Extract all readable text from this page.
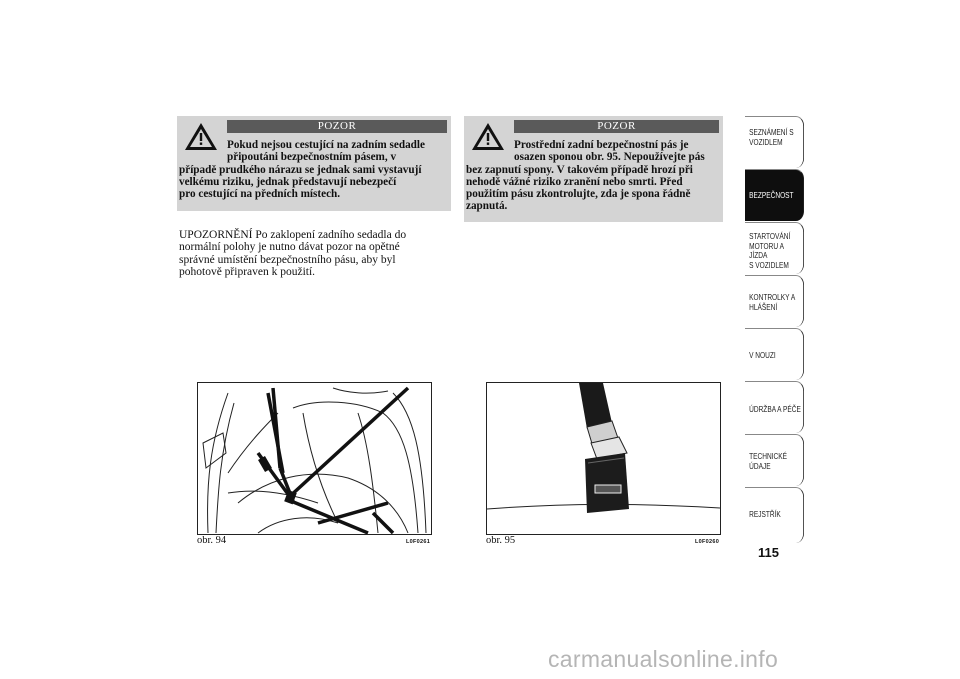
POZOR
Pokud nejsou cestující na zadním sedadle
připoutáni bezpečnostním pásem, v
případě prudkého nárazu se jednak sami vystavují
velkému riziku, jednak představují nebezpečí
pro cestující na předních místech.
POZOR
Prostřední zadní bezpečnostní pás je
osazen sponou obr. 95. Nepoužívejte pás
bez zapnutí spony. V takovém případě hrozí při
nehodě vážné riziko zranění nebo smrti. Před
použitím pásu zkontrolujte, zda je spona řádně
zapnutá.
UPOZORNĚNÍ Po zaklopení zadního sedadla do
normální polohy je nutno dávat pozor na opětné
správné umístění bezpečnostního pásu, aby byl
pohotově připraven k použití.
obr. 94	L0F0261	obr. 95	L0F0260
SEZNÁMENÍ S
VOZIDLEM
BEZPEČNOST
STARTOVÁNÍ
MOTORU A JÍZDA
S VOZIDLEM
KONTROLKY A
HLÁŠENÍ
V NOUZI
ÚDRŽBA A PÉČE
TECHNICKÉ
ÚDAJE
REJSTŘÍK
115
carmanualsonline.info
